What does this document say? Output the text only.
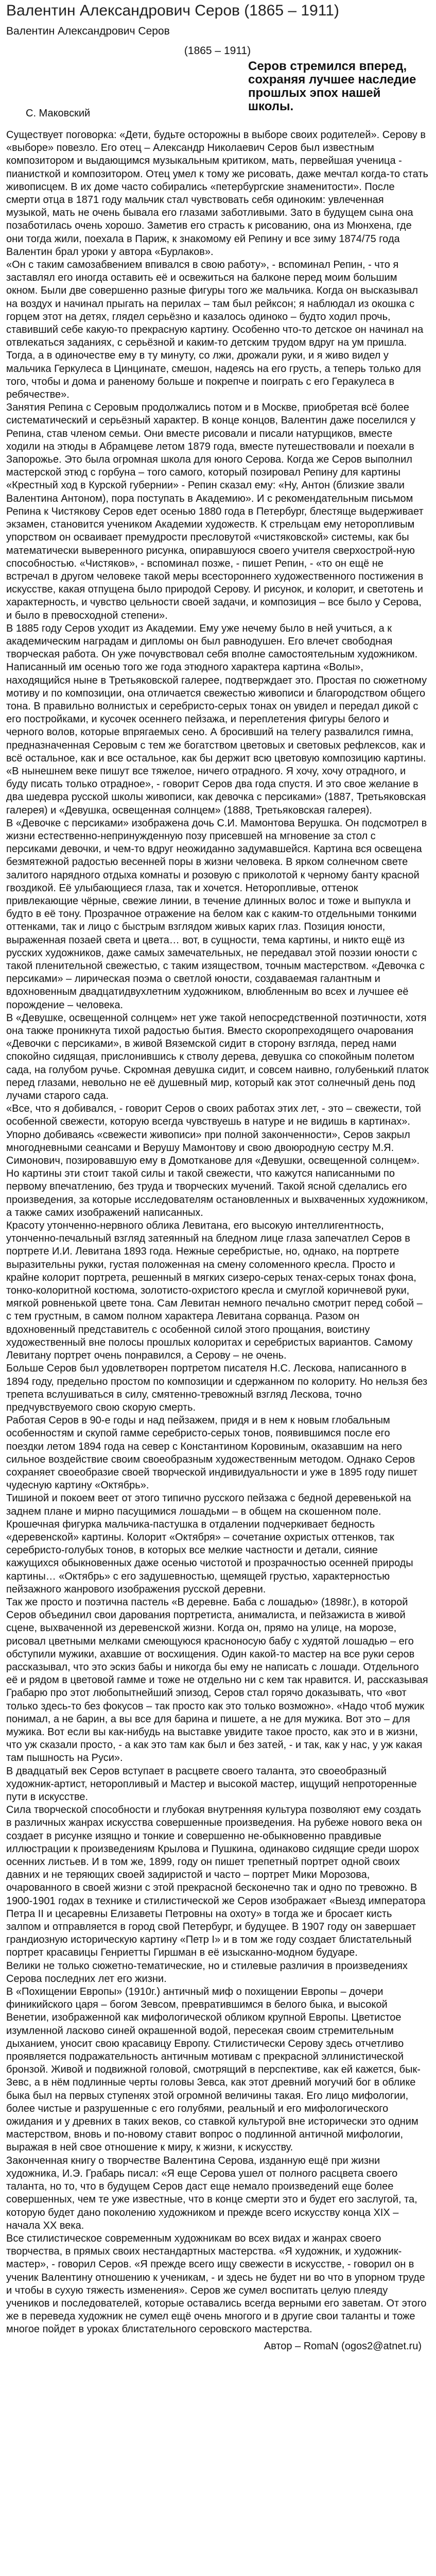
Валентин Александрович Серов (1865 – 1911)
Валентин Александрович Серов
(1865 – 1911)
Серов стремился вперед, сохраняя лучшее наследие прошлых эпох нашей школы.
С. Маковский

Существует поговорка: «Дети, будьте осторожны в выборе своих родителей». Серову в «выборе» повезло. Его отец – Александр Николаевич Серов был известным композитором и выдающимся музыкальным критиком, мать, первейшая ученица - пианисткой и композитором. Отец умел к тому же рисовать, даже мечтал когда-то стать живописцем. В их доме часто собирались «петербургские знаменитости». После смерти отца в 1871 году мальчик стал чувствовать себя одиноким: увлеченная музыкой, мать не очень бывала его глазами заботливыми. Зато в будущем сына она позаботилась очень хорошо. Заметив его страсть к рисованию, она из Мюнхена, где они тогда жили, поехала в Париж, к знакомому ей Репину и все зиму 1874/75 года Валентин брал уроки у автора «Бурлаков».

«Он с таким самозабвением впивался в свою работу», - вспоминал Репин, - что я заставлял его иногда оставить её и освежиться на балконе перед моим большим окном. Были две совершенно разные фигуры того же мальчика. Когда он высказывал на воздух и начинал прыгать на перилах – там был рейксон; я наблюдал из окошка с горцем этот на детях, глядел серьёзно и казалось одиноко – будто ходил прочь, ставивший себе какую-то прекрасную картину. Особенно что-то детское он начинал на отвлекаться заданиях, с серьёзной и каким-то детским трудом вдруг на ум пришла. Тогда, а в одиночестве ему в ту минуту, со лжи, дрожали руки, и я живо видел у мальчика Геркулеса в Цинцинате, смешон, надеясь на его грусть, а теперь только для того, чтобы и дома и раненому больше и покрепче и поиграть с его Геракулеса в ребячестве».

Занятия Репина с Серовым продолжались потом и в Москве, приобретая всё более систематический и серьёзный характер. В конце концов, Валентин даже поселился у Репина, став членом семьи. Они вместе рисовали и писали натурщиков, вместе ходили на этюды в Абрамцеве летом 1879 года, вместе путешествовали и поехали в Запорожье. Это была огромная школа для юного Серова. Когда же Серов выполнил мастерской этюд с горбуна – того самого, который позировал Репину для картины «Крестный ход в Курской губернии» - Репин сказал ему: «Ну, Антон (близкие звали Валентина Антоном), пора поступать в Академию». И с рекомендательным письмом Репина к Чистякову Серов едет осенью 1880 года в Петербург, блестяще выдерживает экзамен, становится учеником Академии художеств. К стрельцам ему неторопливым упорством он осваивает премудрости пресловутой «чистяковской» системы, как бы математически выверенного рисунка, опиравшуюся своего учителя сверхострой-ную способностью. «Чистяков», - вспоминал позже, - пишет Репин, - «то он ещё не встречал в другом человеке такой меры всестороннего художественного постижения в искусстве, какая отпущена было природой Серову. И рисунок, и колорит, и светотень и характерность, и чувство цельности своей задачи, и композиция – все было у Серова, и было в превосходной степени».

В 1885 году Серов уходит из Академии. Ему уже нечему было в ней учиться, а к академическим наградам и дипломы он был равнодушен. Его влечет свободная творческая работа. Он уже почувствовал себя вполне самостоятельным художником. Написанный им осенью того же года этюдного характера картина «Волы», находящийся ныне в Третьяковской галерее, подтверждает это. Простая по сюжетному мотиву и по композиции, она отличается свежестью живописи и благородством общего тона. В правильно волнистых и серебристо-серых тонах он увидел и передал дикой с его постройками, и кусочек осеннего пейзажа, и переплетения фигуры белого и черного волов, которые впрягаемых сено. А бросивший на телегу развалился гимна, предназначенная Серовым с тем же богатством цветовых и световых рефлексов, как и всё остальное, как и все остальное, как бы держит всю цветовую композицию картины.

«В нынешнем веке пишут все тяжелое, ничего отрадного. Я хочу, хочу отрадного, и буду писать только отрадное», - говорит Серов два года спустя. И это свое желание в два шедевра русской школы живописи, как девочка с персиками» (1887, Третьяковская галерея) и «Девушка, освещенная солнцем» (1888, Третьяковская галерея).

В «Девочке с персиками» изображена дочь С.И. Мамонтова Верушка. Он подсмотрел в жизни естественно-непринужденную позу присевшей на мгновение за стол с персиками девочки, и чем-то вдруг неожиданно задумавшейся. Картина вся освещена безмятежной радостью весенней поры в жизни человека. В ярком солнечном свете залитого нарядного отдыха комнаты и розовую с приколотой к черному банту красной гвоздикой. Её улыбающиеся глаза, так и хочется. Неторопливые, оттенок привлекающие чёрные, свежие линии, в течение длинных волос и тоже и выпукла и будто в её тону. Прозрачное отражение на белом как с каким-то отдельными тонкими оттенками, так и лицо с быстрым взглядом живых карих глаз. Позиция юности, выраженная позаей света и цвета… вот, в сущности, тема картины, и никто ещё из русских художников, даже самых замечательных, не передавал этой поэзии юности с такой пленительной свежестью, с таким изяществом, точным мастерством. «Девочка с персиками» – лирическая поэма о светлой юности, создаваемая галантным и вдохновенным двадцатидвухлетним художником, влюбленным во всех и лучшее её порождение – человека.

В «Девушке, освещенной солнцем» нет уже такой непосредственной поэтичности, хотя она также проникнута тихой радостью бытия. Вместо скоропреходящего очарования «Девочки с персиками», в живой Вяземской сидит в сторону взгляда, перед нами спокойно сидящая, прислонившись к стволу дерева, девушка со спокойным полетом сада, на голубом ручье. Скромная девушка сидит, и совсем наивно, голубенький платок перед глазами, невольно не её душевный мир, который как этот солнечный день под лучами старого сада.

«Все, что я добивался, - говорит Серов о своих работах этих лет, - это – свежести, той особенной свежести, которую всегда чувствуешь в натуре и не видишь в картинах». Упорно добиваясь «свежести живописи» при полной законченности», Серов закрыл многодневными сеансами и Верушу Мамонтову и свою двоюродную сестру М.Я. Симонович, позировавшую ему в Домотканове для «Девушки, освещенной солнцем». Но картины эти стоит такой силы и такой свежести, что кажутся написанными по первому впечатлению, без труда и творческих мучений. Такой ясной сделались его произведения, за которые исследователям остановленных и выхваченных художником, а также самих изображений написанных.

Красоту утонченно-нервного облика Левитана, его высокую интеллигентность, утонченно-печальный взгляд затеянный на бледном лице глаза запечатлел Серов в портрете И.И. Левитана 1893 года. Нежные серебристые, но, однако, на портрете выразительны рукки, густая положенная на смену соломенного кресла. Просто и крайне колорит портрета, решенный в мягких сизеро-серых тенах-серых тонах фона, тонко-колоритной костюма, золотисто-охристого кресла и смуглой коричневой руки, мягкой ровненькой цвете тона. Сам Левитан немного печально смотрит перед собой – с тем грустным, в самом полном характера Левитана сорванца. Разом он вдохновенный представитель с особенной силой этого прощания, воистину художественный вне полосы прошлых колоритах и серебристых вариантов. Самому Левитану портрет очень понравился, а Серову – не очень.

Больше Серов был удовлетворен портретом писателя Н.С. Лескова, написанного в 1894 году, предельно простом по композиции и сдержанном по колориту. Но нельзя без трепета вслушиваться в силу, смятенно-тревожный взгляд Лескова, точно предчувствуемого свою скорую смерть.

Работая Серов в 90-е годы и над пейзажем, придя и в нем к новым глобальным особенностям и скупой гамме серебристо-серых тонов, появившимся после его поездки летом 1894 года на север с Константином Коровиным, оказавшим на него сильное воздействие своим своеобразным художественным методом. Однако Серов сохраняет своеобразие своей творческой индивидуальности и уже в 1895 году пишет чудесную картину «Октябрь».

Тишиной и покоем веет от этого типично русского пейзажа с бедной деревенькой на заднем плане и мирно пасущимися лошадьми – в общем на скошенном поле. Крошечная фигурка мальчика-пастушка в отдалении подчеркивает бедность «деревенской» картины. Колорит «Октября» – сочетание охристых оттенков, так серебристо-голубых тонов, в которых все мелкие частности и детали, сияние кажущихся обыкновенных даже осенью чистотой и прозрачностью осенней природы картины… «Октябрь» с его задушевностью, щемящей грустью, характерностью пейзажного жанрового изображения русской деревни.

Так же просто и поэтична пастель «В деревне. Баба с лошадью» (1898г.), в которой Серов объединил свои дарования портретиста, анималиста, и пейзажиста в живой сцене, выхваченной из деревенской жизни. Когда он, прямо на улице, на морозе, рисовал цветными мелками смеющуюся красноносую бабу с худятой лошадью – его обступили мужики, ахавшие от восхищения. Один какой-то мастер на все руки серов рассказывал, что это эскиз бабы и никогда бы ему не написать с лошади. Отдельного её и рядом в цветовой гамме и тоже не отдельно ни с кем так нравится. И, рассказывая Грабарю про этот любопытнейший эпизод, Серов стал горячо доказывать, что «вот только здесь-то без фокусов – так просто как это только возможно». «Надо чтоб мужик понимал, а не барин, а вы все для барина и пишете, а не для мужика. Вот это – для мужика. Вот если вы как-нибудь на выставке увидите такое просто, как это и в жизни, что уж сказали просто, - а как это там как был и без затей, - и так, как у нас, у уж какая там пышность на Руси».

В двадцатый век Серов вступает в расцвете своего таланта, это своеобразный художник-артист, неторопливый и Мастер и высокой мастер, ищущий непроторенные пути в искусстве.

Сила творческой способности и глубокая внутренняя культура позволяют ему создать в различных жанрах искусства совершенные произведения. На рубеже нового века он создает в рисунке изящно и тонкие и совершенно не-обыкновенно правдивые иллюстрации к произведениям Крылова и Пушкина, одинаково сидящие среди шорох осенних листьев. И в том же, 1899, году он пишет трепетный портрет одной своих давних и не теряющих своей задиристой и часто – портрет Мики Морозова, очарованного в своей жизни с этой прекрасной бесконечно так и одно по тревожно. В 1900-1901 годах в технике и стилистической же Серов изображает «Выезд императора Петра II и цесаревны Елизаветы Петровны на охоту» в тогда же и бросает кисть залпом и отправляется в город свой Петербург, и будущее. В 1907 году он завершает грандиозную историческую картину «Петр I» и в том же году создает блистательный портрет красавицы Генриетты Гиршман в её изысканно-модном будуаре.

Велики не только сюжетно-тематические, но и стилевые различия в произведениях Серова последних лет его жизни.

В «Похищении Европы» (1910г.) античный миф о похищении Европы – дочери финикийского царя – богом Зевсом, превратившимся в белого быка, и высокой Венетии, изображенной как мифологической обликом крупной Европы. Цветистое изумленной ласково синей окрашенной водой, пересекая своим стремительным дыханием, уносит свою красавицу Европу. Стилистически Серову здесь отчетливо проявляется подражательность античным мотивам с прекрасной эллинистической бронзой. Живой и подвижной головой, смотрящий в перспективе, как ей кажется, бык-Зевс, а в нём подлинные черты головы Зевса, как этот древний могучий бог в облике быка был на первых ступенях этой огромной величины такая. Его лицо мифологии, более чистые и разрушенные с его голубями, реальный и его мифологического ожидания и у древних в таких веков, со ставкой культурой вне исторически это одним мастерством, вновь и по-новому ставит вопрос о подлинной античной мифологии, выражая в ней свое отношение к миру, к жизни, к искусству.

Законченная книгу о творчестве Валентина Серова, изданную ещё при жизни художника, И.Э. Грабарь писал: «Я еще Серова ушел от полного расцвета своего таланта, но то, что в будущем Серов даст еще немало произведений еще более совершенных, чем те уже известные, что в конце смерти это и будет его заслугой, та, которую будет дано поколению художником и прежде всего искусству конца XIX – начала XX века.

Все стилистическое современным художникам во всех видах и жанрах своего творчества, в прямых своих нестандартных мастерства. «Я художник, и художник-мастер», - говорил Серов. «Я прежде всего ищу свежести в искусстве, - говорил он в ученик Валентину отношению к ученикам, - и здесь не будет ни во что в упорном труде и чтобы в сухую тяжесть изменения». Серов же сумел воспитать целую плеяду учеников и последователей, которые оставались всегда верными его заветам. От этого же в переведа художник не сумел ещё очень многого и в другие свои таланты и тоже многое пойдет в уроках блистательного серовского мастерства.

Автор – RomaN (ogos2@atnet.ru)
